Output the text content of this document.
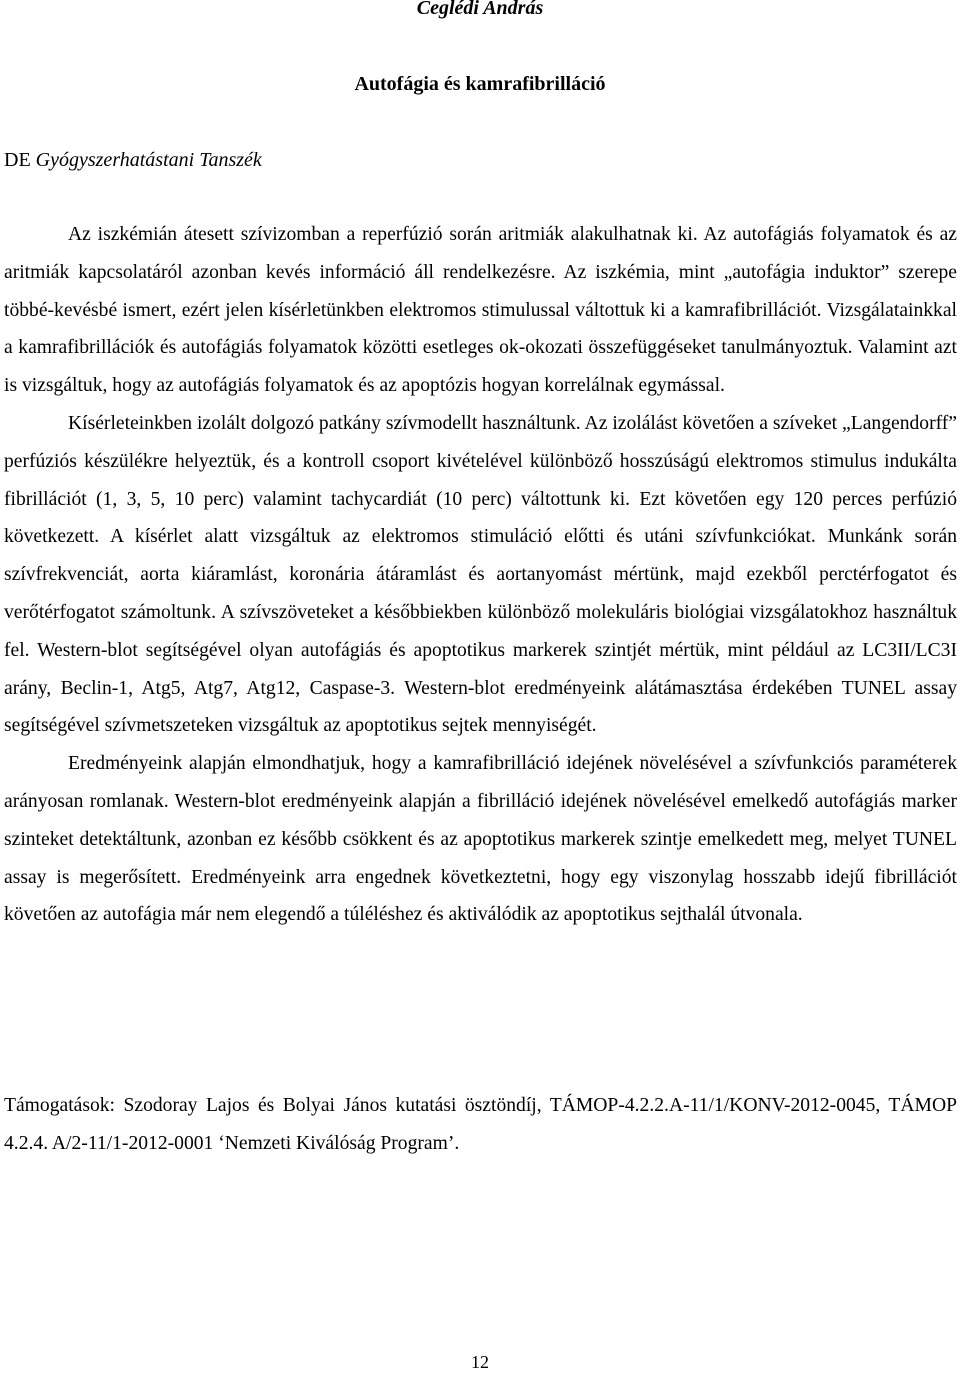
Ceglédi András

Autofágia és kamrafibrilláció

DE Gyógyszerhatástani Tanszék

Az iszkémián átesett szívizomban a reperfúzió során aritmiák alakulhatnak ki. Az autofágiás folyamatok és az aritmiák kapcsolatáról azonban kevés információ áll rendelkezésre. Az iszkémia, mint „autofágia induktor” szerepe többé-kevésbé ismert, ezért jelen kísérletünkben elektromos stimulussal váltottuk ki a kamrafibrillációt. Vizsgálatainkkal a kamrafibrillációk és autofágiás folyamatok közötti esetleges ok-okozati összefüggéseket tanulmányoztuk. Valamint azt is vizsgáltuk, hogy az autofágiás folyamatok és az apoptózis hogyan korrelálnak egymással.

Kísérleteinkben izolált dolgozó patkány szívmodellt használtunk. Az izolálást követően a szíveket „Langendorff” perfúziós készülékre helyeztük, és a kontroll csoport kivételével különböző hosszúságú elektromos stimulus indukálta fibrillációt (1, 3, 5, 10 perc) valamint tachycardiát (10 perc) váltottunk ki. Ezt követően egy 120 perces perfúzió következett. A kísérlet alatt vizsgáltuk az elektromos stimuláció előtti és utáni szívfunkciókat. Munkánk során szívfrekvenciát, aorta kiáramlást, koronária átáramlást és aortanyomást mértünk, majd ezekből perctérfogatot és verőtérfogatot számoltunk. A szívszöveteket a későbbiekben különböző molekuláris biológiai vizsgálatokhoz használtuk fel. Western-blot segítségével olyan autofágiás és apoptotikus markerek szintjét mértük, mint például az LC3II/LC3I arány, Beclin-1, Atg5, Atg7, Atg12, Caspase-3. Western-blot eredményeink alátámasztása érdekében TUNEL assay segítségével szívmetszeteken vizsgáltuk az apoptotikus sejtek mennyiségét.

Eredményeink alapján elmondhatjuk, hogy a kamrafibrilláció idejének növelésével a szívfunkciós paraméterek arányosan romlanak. Western-blot eredményeink alapján a fibrilláció idejének növelésével emelkedő autofágiás marker szinteket detektáltunk, azonban ez később csökkent és az apoptotikus markerek szintje emelkedett meg, melyet TUNEL assay is megerősített. Eredményeink arra engednek következtetni, hogy egy viszonylag hosszabb idejű fibrillációt követően az autofágia már nem elegendő a túléléshez és aktiválódik az apoptotikus sejthalál útvonala.

Támogatások: Szodoray Lajos és Bolyai János kutatási ösztöndíj, TÁMOP-4.2.2.A-11/1/KONV-2012-0045, TÁMOP 4.2.4. A/2-11/1-2012-0001 ‘Nemzeti Kiválóság Program’.

12
